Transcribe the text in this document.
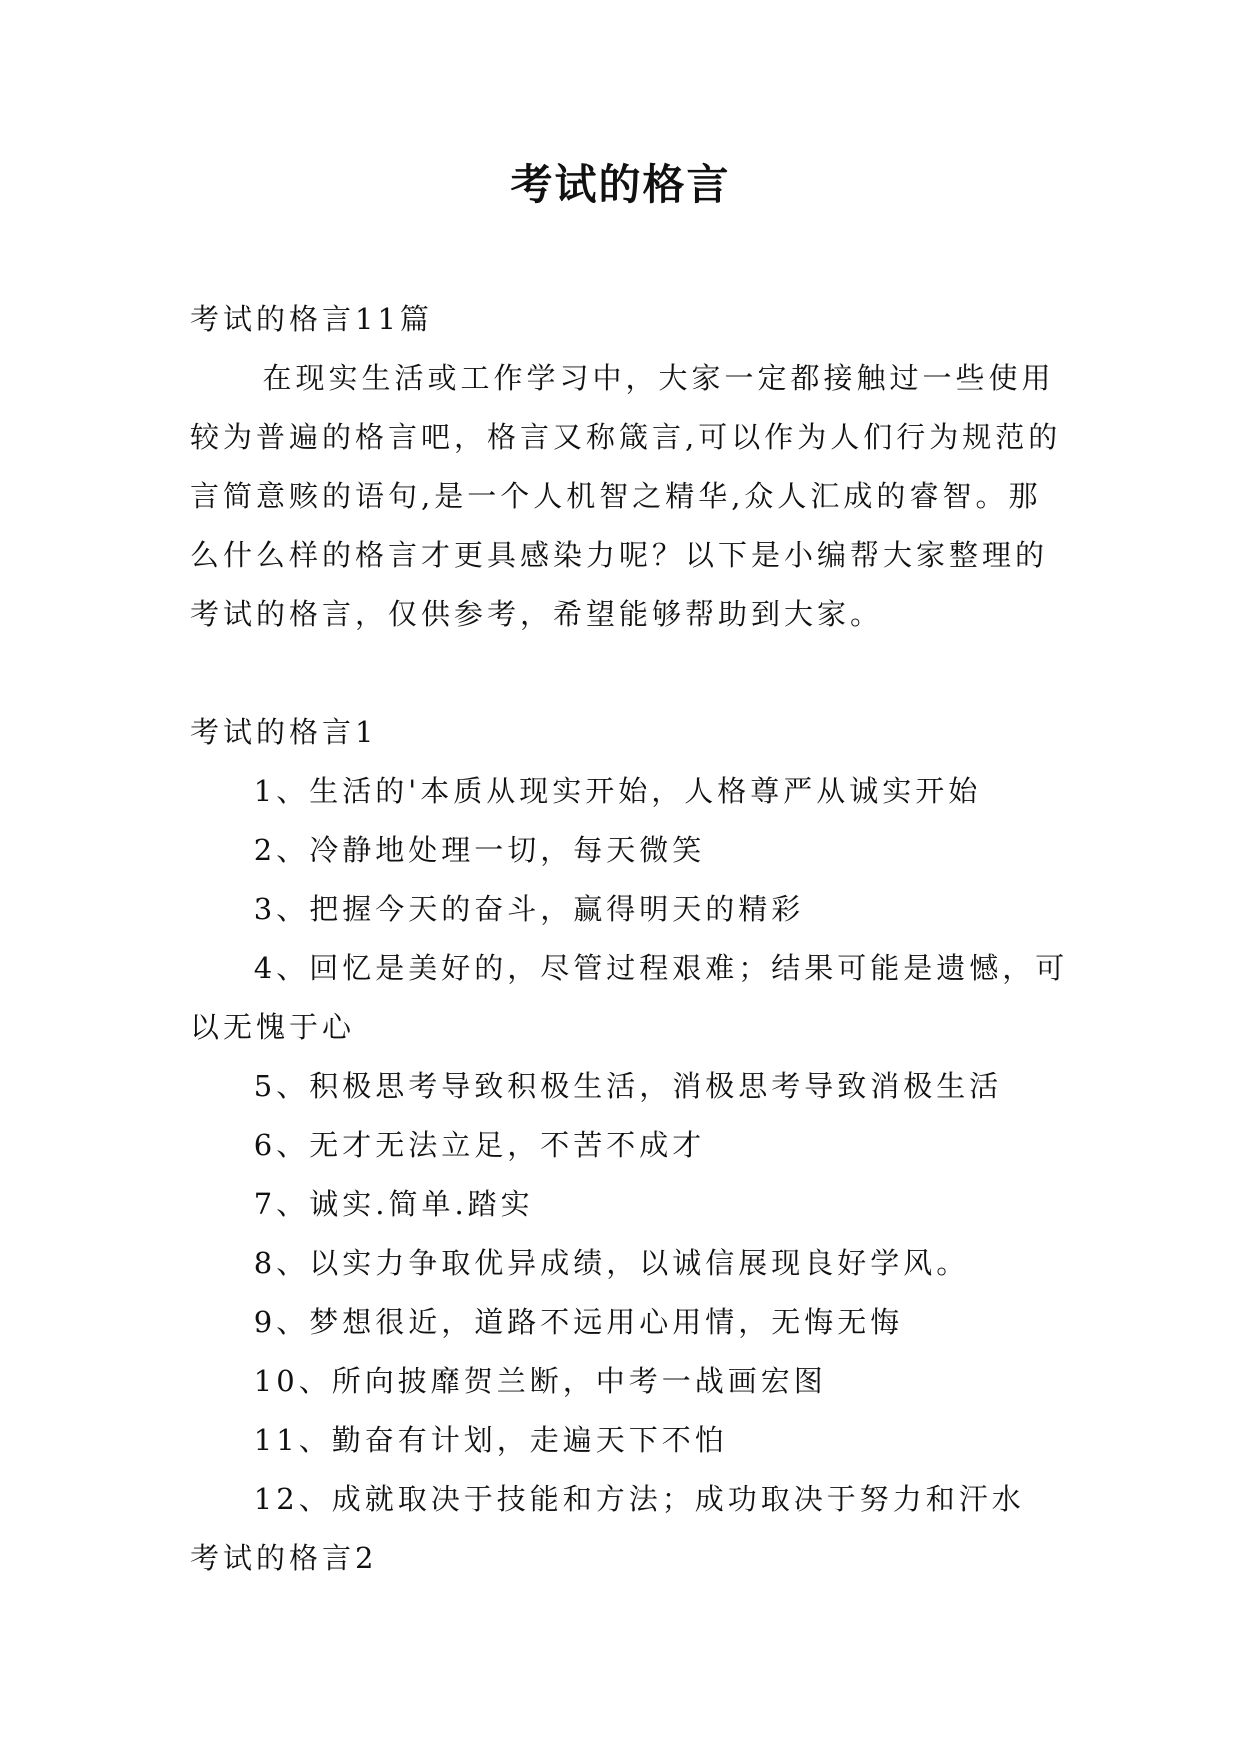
考试的格言

考试的格言11篇

在现实生活或工作学习中，大家一定都接触过一些使用较为普遍的格言吧，格言又称箴言,可以作为人们行为规范的言简意赅的语句,是一个人机智之精华,众人汇成的睿智。那么什么样的格言才更具感染力呢？以下是小编帮大家整理的考试的格言，仅供参考，希望能够帮助到大家。

考试的格言1

1、生活的'本质从现实开始，人格尊严从诚实开始

2、冷静地处理一切，每天微笑

3、把握今天的奋斗，赢得明天的精彩

4、回忆是美好的，尽管过程艰难；结果可能是遗憾，可以无愧于心

5、积极思考导致积极生活，消极思考导致消极生活

6、无才无法立足，不苦不成才

7、诚实.简单.踏实

8、以实力争取优异成绩，以诚信展现良好学风。

9、梦想很近，道路不远用心用情，无悔无悔

10、所向披靡贺兰断，中考一战画宏图

11、勤奋有计划，走遍天下不怕

12、成就取决于技能和方法；成功取决于努力和汗水

考试的格言2
